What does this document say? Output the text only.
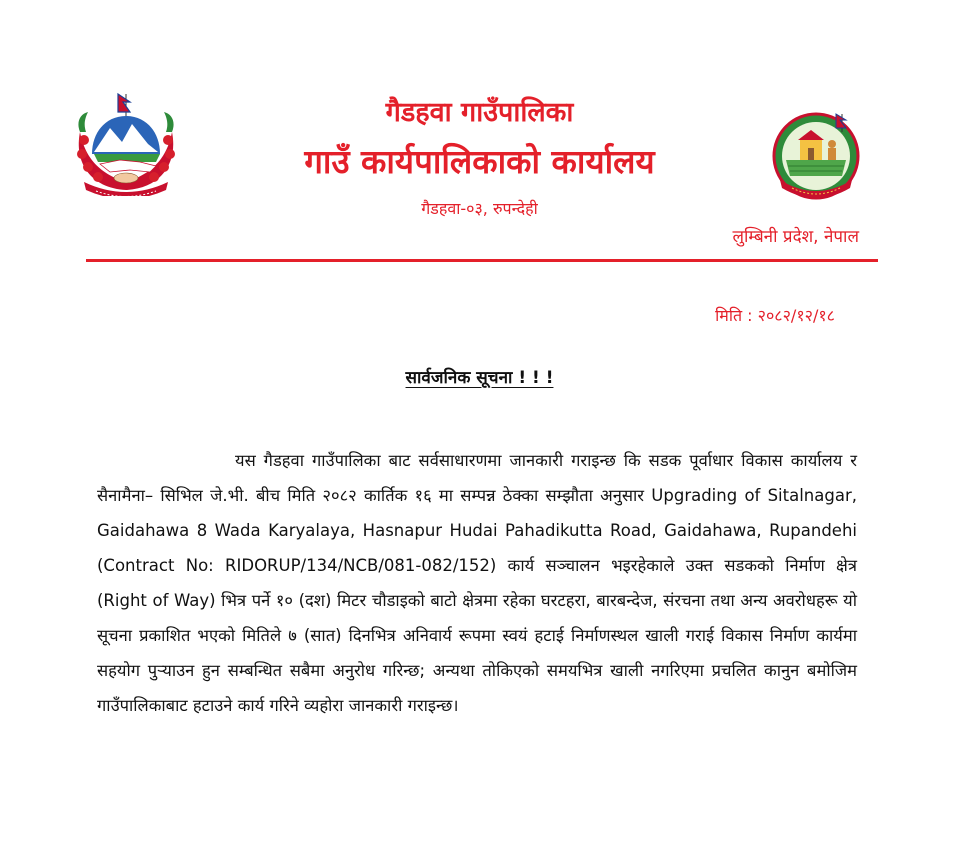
गैडहवा गाउँपालिका
गाउँ कार्यपालिकाको कार्यालय
गैडहवा-०३, रुपन्देही
लुम्बिनी प्रदेश, नेपाल
मिति : २०८२/१२/१८
सार्वजनिक सूचना ! ! !
यस गैडहवा गाउँपालिका बाट सर्वसाधारणमा जानकारी गराइन्छ कि सडक पूर्वाधार विकास कार्यालय र सैनामैना– सिभिल जे.भी. बीच मिति २०८२ कार्तिक १६ मा सम्पन्न ठेक्का सम्झौता अनुसार Upgrading of Sitalnagar, Gaidahawa 8 Wada Karyalaya, Hasnapur Hudai Pahadikutta Road, Gaidahawa, Rupandehi (Contract No: RIDORUP/134/NCB/081-082/152) कार्य सञ्चालन भइरहेकाले उक्त सडकको निर्माण क्षेत्र (Right of Way) भित्र पर्ने १० (दश) मिटर चौडाइको बाटो क्षेत्रमा रहेका घरटहरा, बारबन्देज, संरचना तथा अन्य अवरोधहरू यो सूचना प्रकाशित भएको मितिले ७ (सात) दिनभित्र अनिवार्य रूपमा स्वयं हटाई निर्माणस्थल खाली गराई विकास निर्माण कार्यमा सहयोग पुर्‍याउन हुन सम्बन्धित सबैमा अनुरोध गरिन्छ; अन्यथा तोकिएको समयभित्र खाली नगरिएमा प्रचलित कानुन बमोजिम गाउँपालिकाबाट हटाउने कार्य गरिने व्यहोरा जानकारी गराइन्छ।
